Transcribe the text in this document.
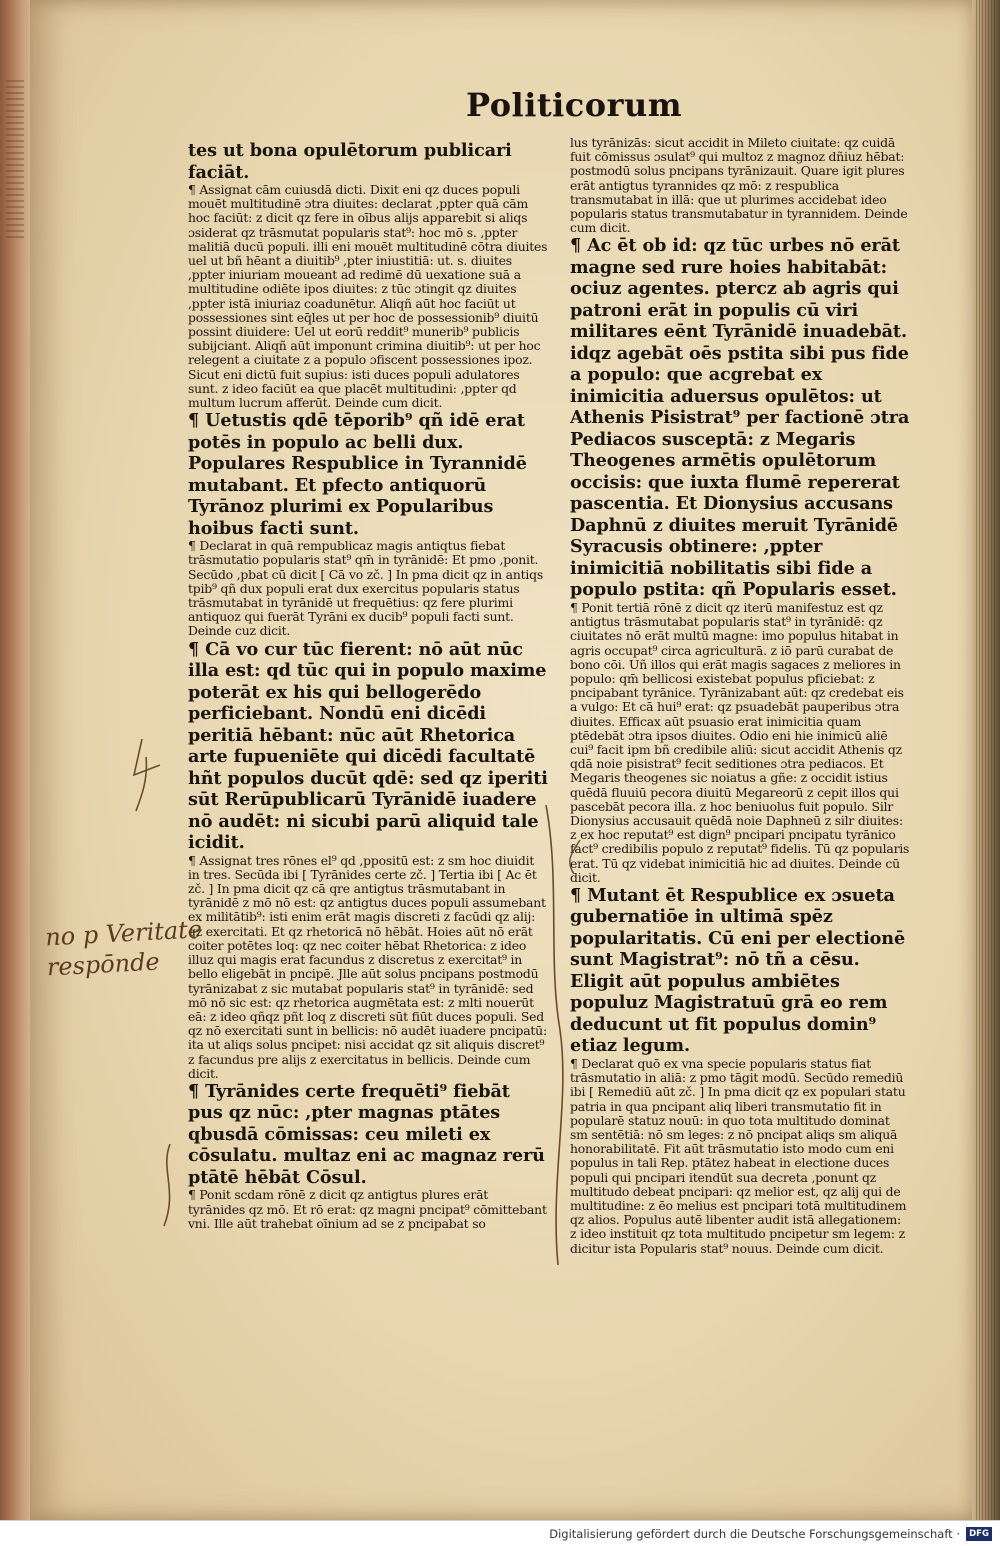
Politicorum

tes ut bona opulētorum publicari faciāt.

¶ Assignat cām cuiusdā dicti. Dixit eni qz duces populi mouēt multitudinē ɔtra diuites: declarat ,ppter quā cām hoc faciūt: z dicit qz fere in oībus alijs apparebit si aliqs ɔsiderat qz trāsmutat popularis stat⁹: hoc mō s. ,ppter malitiā ducū populi. illi eni mouēt multitudinē cōtra diuites uel ut bñ hēant a diuitib⁹ ,pter iniustitiā: ut. s. diuites ,ppter iniuriam moueant ad redimē dū uexatione suā a multitudine odiēte ipos diuites: z tūc ɔtingit qz diuites ,ppter istā iniuriaz coadunētur. Aliqñ aūt hoc faciūt ut possessiones sint eq̄les ut per hoc de possessionib⁹ diuitū possint diuidere: Uel ut eorū reddit⁹ munerib⁹ publicis subijciant. Aliqñ aūt imponunt crimina diuitib⁹: ut per hoc relegent a ciuitate z a populo ɔfiscent possessiones ipoz. Sicut eni dictū fuit supius: isti duces populi adulatores sunt. z ideo faciūt ea que placēt multitudini: ,ppter qd multum lucrum afferūt. Deinde cum dicit.

¶ Uetustis qdē tēporib⁹ qñ idē erat potēs in populo ac belli dux. Populares Respublice in Tyrannidē mutabant. Et pfecto antiquorū Tyrānoz plurimi ex Popularibus hoibus facti sunt.

¶ Declarat in quā rempublicaz magis antiqtus fiebat trāsmutatio popularis stat⁹ qm̄ in tyrānidē: Et pmo ,ponit. Secūdo ,pbat cū dicit [ Cā vo zč. ] In pma dicit qz in antiqs tpib⁹ qñ dux populi erat dux exercitus popularis status trāsmutabat in tyrānidē ut frequētius: qz fere plurimi antiquoz qui fuerāt Tyrāni ex ducib⁹ populi facti sunt. Deinde cuz dicit.

¶ Cā vo cur tūc fierent: nō aūt nūc illa est: qd tūc qui in populo maxime poterāt ex his qui bellogerēdo perficiebant. Nondū eni dicēdi peritiā hēbant: nūc aūt Rhetorica arte fupueniēte qui dicēdi facultatē hñt populos ducūt qdē: sed qz iperiti sūt Rerūpublicarū Tyrānidē iuadere nō audēt: ni sicubi parū aliquid tale icidit.

¶ Assignat tres rōnes el⁹ qd ,ppositū est: z sm hoc diuidit in tres. Secūda ibi [ Tyrānides certe zč. ] Tertia ibi [ Ac ēt zč. ] In pma dicit qz cā qre antigtus trāsmutabant in tyrānidē z mō nō est: qz antigtus duces populi assumebant ex militātib⁹: isti enim erāt magis discreti z facūdi qz alij: qz exercitati. Et qz rhetoricā nō hēbāt. Hoies aūt nō erāt coiter potētes loq: qz nec coiter hēbat Rhetorica: z ideo illuz qui magis erat facundus z discretus z exercitat⁹ in bello eligebāt in pncipē. Jlle aūt solus pncipans postmodū tyrānizabat z sic mutabat popularis stat⁹ in tyrānidē: sed mō nō sic est: qz rhetorica augmētata est: z mlti nouerūt eā: z ideo qñqz pñt loq z discreti sūt fiūt duces populi. Sed qz nō exercitati sunt in bellicis: nō audēt iuadere pncipatū: ita ut aliqs solus pncipet: nisi accidat qz sit aliquis discret⁹ z facundus pre alijs z exercitatus in bellicis. Deinde cum dicit.

¶ Tyrānides certe frequēti⁹ fiebāt pus qz nūc: ,pter magnas ptātes qbusdā cōmissas: ceu mileti ex cōsulatu. multaz eni ac magnaz rerū ptātē hēbāt Cōsul.

¶ Ponit scdam rōnē z dicit qz antigtus plures erāt tyrānides qz mō. Et rō erat: qz magni pncipat⁹ cōmittebant vni. Ille aūt trahebat oīnium ad se z pncipabat so

lus tyrānizās: sicut accidit in Mileto ciuitate: qz cuidā fuit cōmissus ɔsulat⁹ qui multoz z magnoz dñiuz hēbat: postmodū solus pncipans tyrānizauit. Quare igit plures erāt antigtus tyrannides qz mō: z respublica transmutabat in illā: que ut plurimes accidebat ideo popularis status transmutabatur in tyrannidem. Deinde cum dicit.

¶ Ac ēt ob id: qz tūc urbes nō erāt magne sed rure hoies habitabāt: ociuz agentes. ptercz ab agris qui patroni erāt in populis cū viri militares eēnt Tyrānidē inuadebāt. idqz agebāt oēs pstita sibi pus fide a populo: que acgrebat ex inimicitia aduersus opulētos: ut Athenis Pisistrat⁹ per factionē ɔtra Pediacos susceptā: z Megaris Theogenes armētis opulētorum occisis: que iuxta flumē repererat pascentia. Et Dionysius accusans Daphnū z diuites meruit Tyrānidē Syracusis obtinere: ,ppter inimicitiā nobilitatis sibi fide a populo pstita: qñ Popularis esset.

¶ Ponit tertiā rōnē z dicit qz iterū manifestuz est qz antigtus trāsmutabat popularis stat⁹ in tyrānidē: qz ciuitates nō erāt multū magne: imo populus hitabat in agris occupat⁹ circa agriculturā. z iō parū curabat de bono cōi. Uñ illos qui erāt magis sagaces z meliores in populo: qm̄ bellicosi existebat populus pficiebat: z pncipabant tyrānice. Tyrānizabant aūt: qz credebat eis a vulgo: Et cā hui⁹ erat: qz psuadebāt pauperibus ɔtra diuites. Efficax aūt psuasio erat inimicitia quam ptēdebāt ɔtra ipsos diuites. Odio eni hie inimicū aliē cui⁹ facit ipm bñ credibile aliū: sicut accidit Athenis qz qdā noie pisistrat⁹ fecit seditiones ɔtra pediacos. Et Megaris theogenes sic noiatus a gñe: z occidit istius quēdā fluuiū pecora diuitū Megareorū z cepit illos qui pascebāt pecora illa. z hoc beniuolus fuit populo. Silr Dionysius accusauit quēdā noie Daphneū z silr diuites: z ex hoc reputat⁹ est dign⁹ pncipari pncipatu tyrānico fact⁹ credibilis populo z reputat⁹ fidelis. Tū qz popularis erat. Tū qz videbat inimicitiā hic ad diuites. Deinde cū dicit.

¶ Mutant ēt Respublice ex ɔsueta gubernatiōe in ultimā spēz popularitatis. Cū eni per electionē sunt Magistrat⁹: nō tñ a cēsu. Eligit aūt populus ambiētes populuz Magistratuū grā eo rem deducunt ut fit populus domin⁹ etiaz legum.

¶ Declarat quō ex vna specie popularis status fiat trāsmutatio in aliā: z pmo tāgit modū. Secūdo remediū ibi [ Remediū aūt zč. ] In pma dicit qz ex populari statu patria in qua pncipant aliq liberi transmutatio fit in popularē statuz nouū: in quo tota multitudo dominat sm sentētiā: nō sm leges: z nō pncipat aliqs sm aliquā honorabilitatē. Fit aūt trāsmutatio isto modo cum eni populus in tali Rep. ptātez habeat in electione duces populi qui pncipari itendūt sua decreta ,ponunt qz multitudo debeat pncipari: qz melior est, qz alij qui de multitudine: z ēo melius est pncipari totā multitudinem qz alios. Populus autē libenter audit istā allegationem: z ideo instituit qz tota multitudo pncipetur sm legem: z dicitur ista Popularis stat⁹ nouus. Deinde cum dicit.

no p Veritate
respōnde
Digitalisierung gefördert durch die Deutsche Forschungsgemeinschaft ·	DFG
